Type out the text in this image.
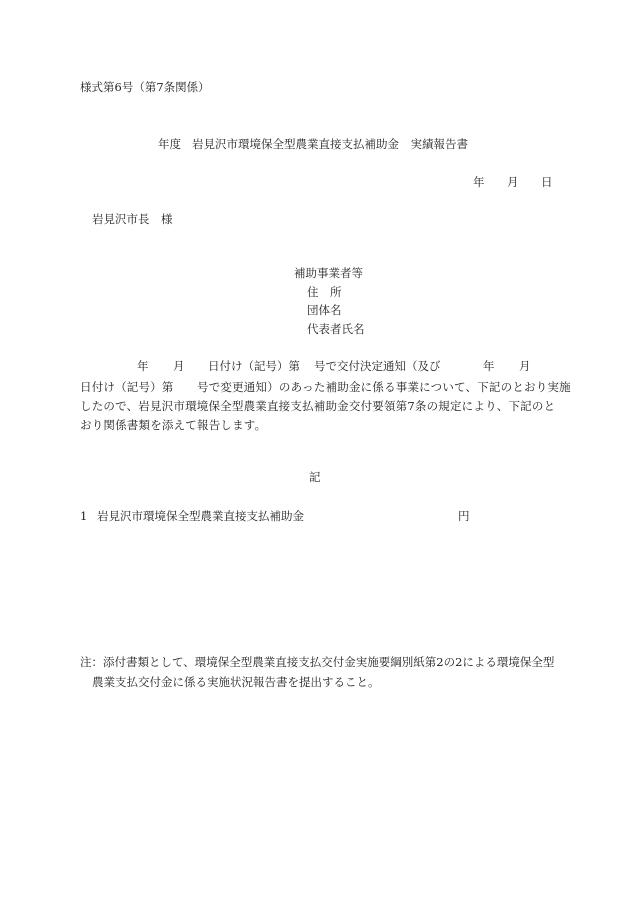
様式第6号（第7条関係）
年度 岩見沢市環境保全型農業直接支払補助金　実績報告書
年 月 日
岩見沢市長　様
補助事業者等
住　所
団体名
代表者氏名
年 月 日付け（記号）第 号で交付決定通知（及び	年 月
日付け（記号）第　　号で変更通知）のあった補助金に係る事業について、下記のとおり実施
したので、岩見沢市環境保全型農業直接支払補助金交付要領第7条の規定により、下記のと
おり関係書類を添えて報告します。
記
1 岩見沢市環境保全型農業直接支払補助金	円
注：添付書類として、環境保全型農業直接支払交付金実施要綱別紙第2の2による環境保全型
農業支払交付金に係る実施状況報告書を提出すること。
